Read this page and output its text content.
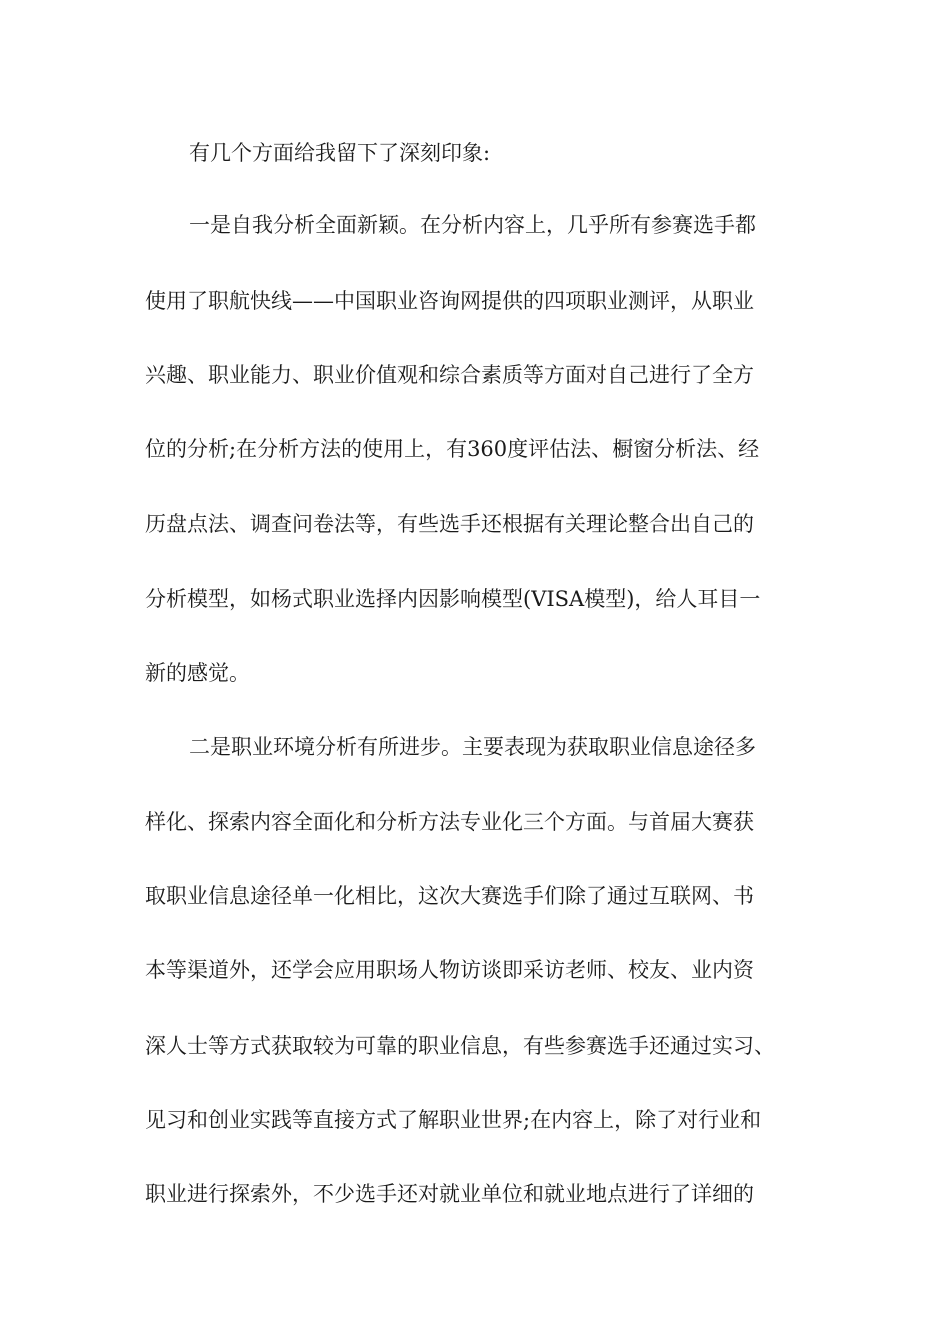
有几个方面给我留下了深刻印象:
一是自我分析全面新颖。在分析内容上，几乎所有参赛选手都
使用了职航快线——中国职业咨询网提供的四项职业测评，从职业
兴趣、职业能力、职业价值观和综合素质等方面对自己进行了全方
位的分析;在分析方法的使用上，有360度评估法、橱窗分析法、经
历盘点法、调查问卷法等，有些选手还根据有关理论整合出自己的
分析模型，如杨式职业选择内因影响模型(VISA模型)，给人耳目一
新的感觉。
二是职业环境分析有所进步。主要表现为获取职业信息途径多
样化、探索内容全面化和分析方法专业化三个方面。与首届大赛获
取职业信息途径单一化相比，这次大赛选手们除了通过互联网、书
本等渠道外，还学会应用职场人物访谈即采访老师、校友、业内资
深人士等方式获取较为可靠的职业信息，有些参赛选手还通过实习、
见习和创业实践等直接方式了解职业世界;在内容上，除了对行业和
职业进行探索外，不少选手还对就业单位和就业地点进行了详细的
